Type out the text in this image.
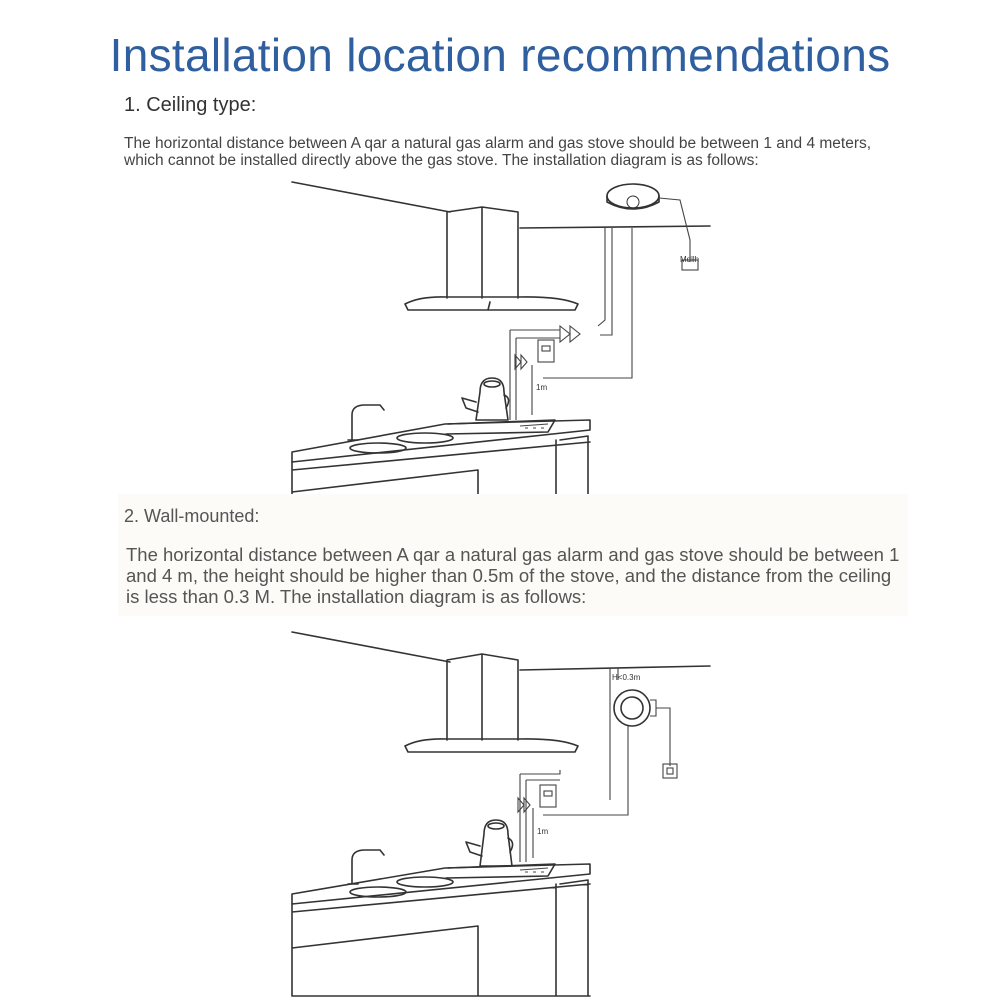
Installation location recommendations
1. Ceiling type:
The horizontal distance between A qar a natural gas alarm and gas stove should be between 1 and 4 meters, which cannot be installed directly above the gas stove. The installation diagram is as follows:
Mdllh
1m
2. Wall-mounted:
The horizontal distance between A qar a natural gas alarm and gas stove should be between 1 and 4 m, the height should be higher than 0.5m of the stove, and the distance from the ceiling is less than 0.3 M. The installation diagram is as follows:
H<0.3m
1m
